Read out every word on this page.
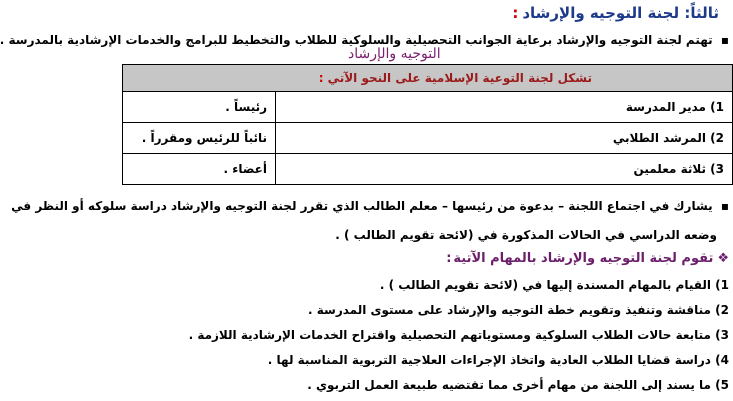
ثالثاً: لجنة التوجيه والإرشاد:
▪ تهتم لجنة التوجيه والإرشاد برعاية الجوانب التحصيلية والسلوكية للطلاب والتخطيط للبرامج والخدمات الإرشادية بالمدرسة .
التوجيه والإرشاد
تشكل لجنة التوعية الإسلامية على النحو الآتي:	
1) مدير المدرسة	رئيساً .
2) المرشد الطلابي	نائباً للرئيس ومقرراً .
3) ثلاثة معلمين	أعضاء .
▪ يشارك في اجتماع اللجنة – بدعوة من رئيسها – معلم الطالب الذي تقرر لجنة التوجيه والإرشاد دراسة سلوكه أو النظر في
وضعه الدراسي في الحالات المذكورة في (لائحة تقويم الطالب ) .
❖تقوم لجنة التوجيه والإرشاد بالمهام الآتية:
1) القيام بالمهام المسندة إليها في (لائحة تقويم الطالب ) .
2) مناقشة وتنفيذ وتقويم خطة التوجيه والإرشاد على مستوى المدرسة .
3) متابعة حالات الطلاب السلوكية ومستوياتهم التحصيلية واقتراح الخدمات الإرشادية اللازمة .
4) دراسة قضايا الطلاب العادية واتخاذ الإجراءات العلاجية التربوية المناسبة لها .
5) ما يسند إلى اللجنة من مهام أخرى مما تقتضيه طبيعة العمل التربوي .
